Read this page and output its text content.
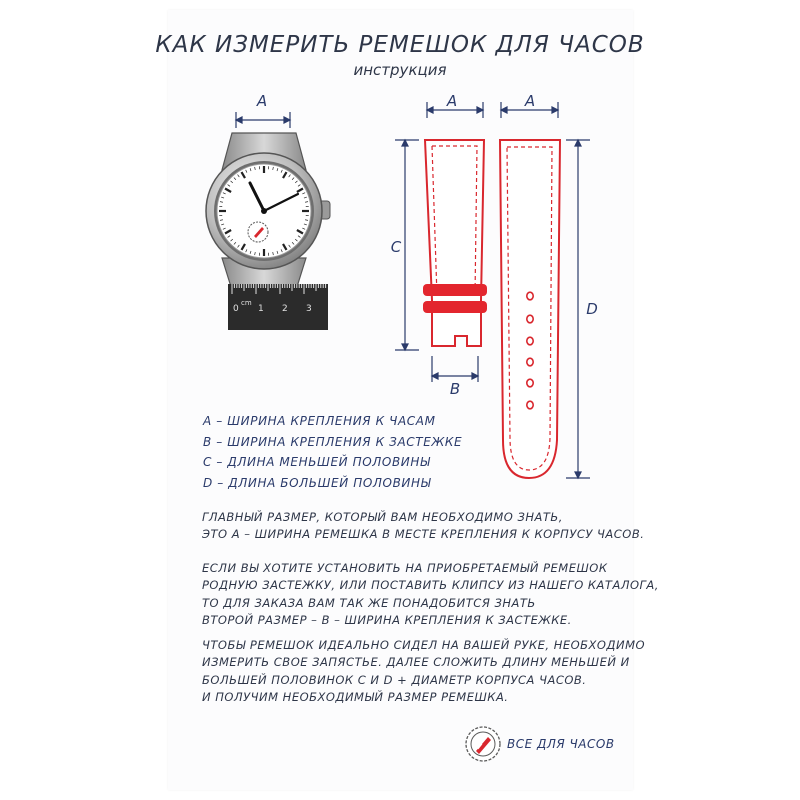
КАК ИЗМЕРИТЬ РЕМЕШОК ДЛЯ ЧАСОВ
инструкция
A
0
cm
1 2 3
A
C
B
A
D
A – ШИРИНА КРЕПЛЕНИЯ К ЧАСАМ
B – ШИРИНА КРЕПЛЕНИЯ К ЗАСТЕЖКЕ
C – ДЛИНА МЕНЬШЕЙ ПОЛОВИНЫ
D – ДЛИНА БОЛЬШЕЙ ПОЛОВИНЫ
ГЛАВНЫЙ РАЗМЕР, КОТОРЫЙ ВАМ НЕОБХОДИМО ЗНАТЬ,
ЭТО А – ШИРИНА РЕМЕШКА В МЕСТЕ КРЕПЛЕНИЯ К КОРПУСУ ЧАСОВ.
ЕСЛИ ВЫ ХОТИТЕ УСТАНОВИТЬ НА ПРИОБРЕТАЕМЫЙ РЕМЕШОК
РОДНУЮ ЗАСТЕЖКУ, ИЛИ ПОСТАВИТЬ КЛИПСУ ИЗ НАШЕГО КАТАЛОГА,
ТО ДЛЯ ЗАКАЗА ВАМ ТАК ЖЕ ПОНАДОБИТСЯ ЗНАТЬ
ВТОРОЙ РАЗМЕР – В – ШИРИНА КРЕПЛЕНИЯ К ЗАСТЕЖКЕ.
ЧТОБЫ РЕМЕШОК ИДЕАЛЬНО СИДЕЛ НА ВАШЕЙ РУКЕ, НЕОБХОДИМО
ИЗМЕРИТЬ СВОЕ ЗАПЯСТЬЕ. ДАЛЕЕ СЛОЖИТЬ ДЛИНУ МЕНЬШЕЙ И
БОЛЬШЕЙ ПОЛОВИНОК С И D + ДИАМЕТР КОРПУСА ЧАСОВ.
И ПОЛУЧИМ НЕОБХОДИМЫЙ РАЗМЕР РЕМЕШКА.
ВСЕ ДЛЯ ЧАСОВ
